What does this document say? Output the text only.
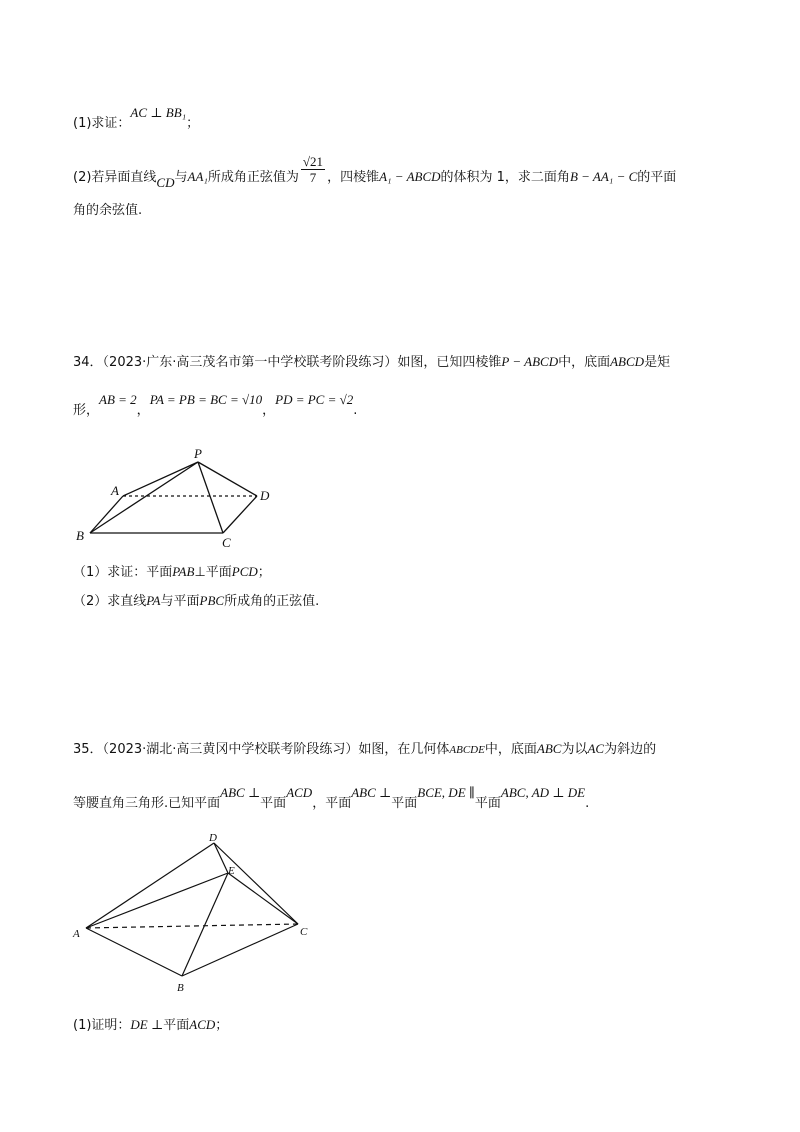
(1)求证：AC ⊥ BB₁；
(2)若异面直线CD与AA₁所成角正弦值为 $\frac{√21}{7}$ ，四棱锥A₁ − ABCD的体积为 1，求二面角B − AA₁ − C的平面
角的余弦值.
34．（2023·广东·高三茂名市第一中学校联考阶段练习）如图，已知四棱锥P − ABCD中，底面ABCD是矩
形，AB = 2，PA = PB = BC = √10，PD = PC = √2.
P
A	D
B	C
（1）求证：平面PAB⊥平面PCD；
（2）求直线PA与平面PBC所成角的正弦值.
35．（2023·湖北·高三黄冈中学校联考阶段练习）如图，在几何体ABCDE中，底面ABC为以AC为斜边的
等腰直角三角形.已知平面ABC ⊥平面ACD，平面ABC ⊥平面BCE, DE ∥平面ABC, AD ⊥ DE.
D
E
A	C
B
(1)证明：DE ⊥平面ACD；
